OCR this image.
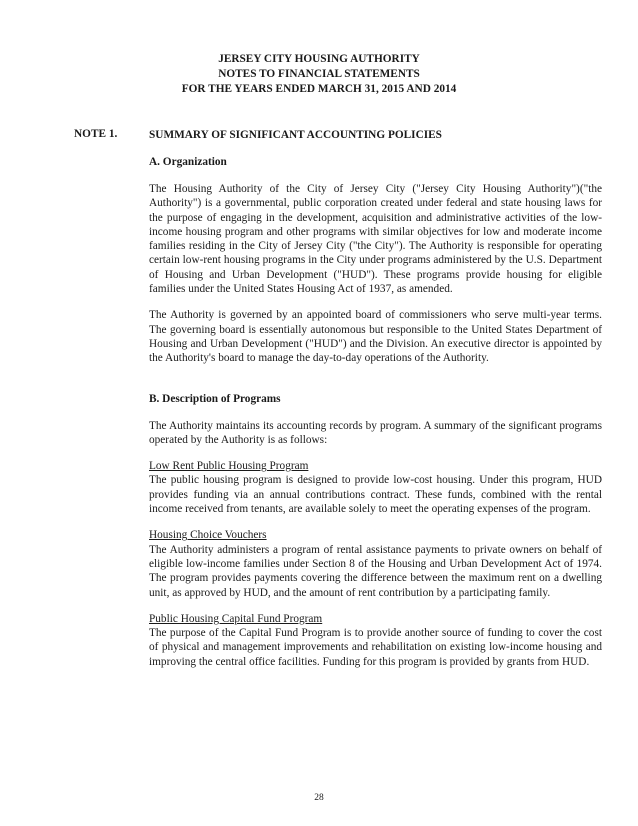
JERSEY CITY HOUSING AUTHORITY
NOTES TO FINANCIAL STATEMENTS
FOR THE YEARS ENDED MARCH 31, 2015 AND 2014
NOTE 1.	SUMMARY OF SIGNIFICANT ACCOUNTING POLICIES
A. Organization

The Housing Authority of the City of Jersey City ("Jersey City Housing Authority")("the Authority") is a governmental, public corporation created under federal and state housing laws for the purpose of engaging in the development, acquisition and administrative activities of the low-income housing program and other programs with similar objectives for low and moderate income families residing in the City of Jersey City ("the City"). The Authority is responsible for operating certain low-rent housing programs in the City under programs administered by the U.S. Department of Housing and Urban Development ("HUD"). These programs provide housing for eligible families under the United States Housing Act of 1937, as amended.

The Authority is governed by an appointed board of commissioners who serve multi-year terms. The governing board is essentially autonomous but responsible to the United States Department of Housing and Urban Development ("HUD") and the Division. An executive director is appointed by the Authority's board to manage the day-to-day operations of the Authority.

B. Description of Programs

The Authority maintains its accounting records by program. A summary of the significant programs operated by the Authority is as follows:

Low Rent Public Housing Program

The public housing program is designed to provide low-cost housing. Under this program, HUD provides funding via an annual contributions contract. These funds, combined with the rental income received from tenants, are available solely to meet the operating expenses of the program.

Housing Choice Vouchers

The Authority administers a program of rental assistance payments to private owners on behalf of eligible low-income families under Section 8 of the Housing and Urban Development Act of 1974. The program provides payments covering the difference between the maximum rent on a dwelling unit, as approved by HUD, and the amount of rent contribution by a participating family.

Public Housing Capital Fund Program

The purpose of the Capital Fund Program is to provide another source of funding to cover the cost of physical and management improvements and rehabilitation on existing low-income housing and improving the central office facilities. Funding for this program is provided by grants from HUD.

28
